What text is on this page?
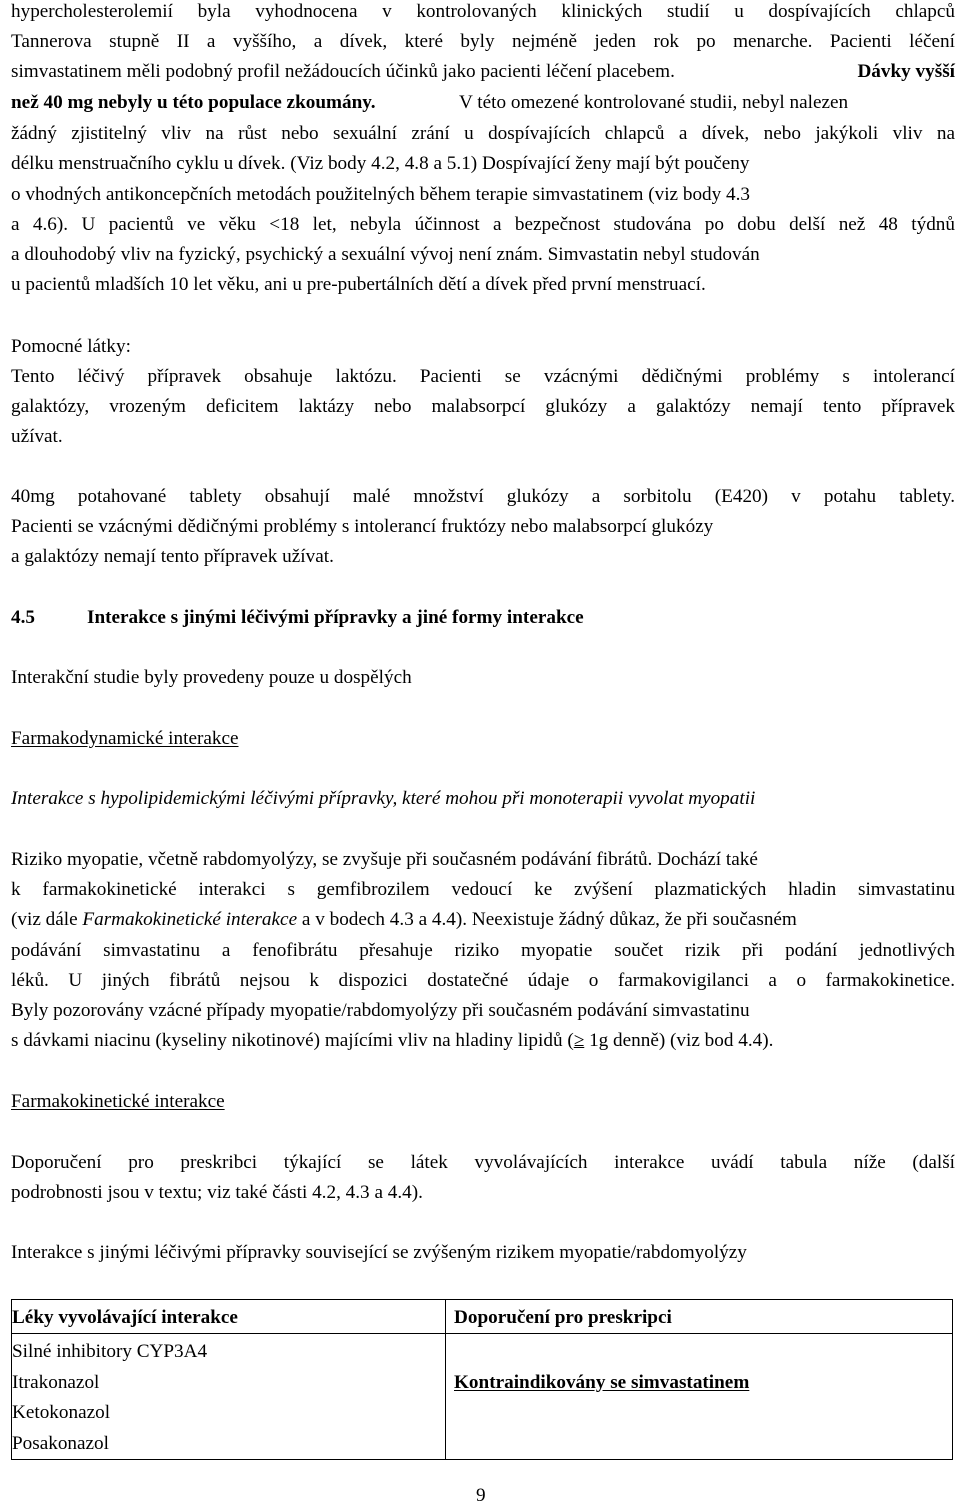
hypercholesterolemií byla vyhodnocena v kontrolovaných klinických studií u dospívajících chlapců
Tannerova stupně II a vyššího, a dívek, které byly nejméně jeden rok po menarche. Pacienti léčení
simvastatinem měli podobný profil nežádoucích účinků jako pacienti léčení placebem.	Dávky vyšší
než 40 mg nebyly u této populace zkoumány.	V této omezené kontrolované studii, nebyl nalezen
žádný zjistitelný vliv na růst nebo sexuální zrání u dospívajících chlapců a dívek, nebo jakýkoli vliv na
délku menstruačního cyklu u dívek. (Viz body 4.2, 4.8 a 5.1) Dospívající ženy mají být poučeny
o vhodných antikoncepčních metodách použitelných během terapie simvastatinem (viz body 4.3
a 4.6). U pacientů ve věku <18 let, nebyla účinnost a bezpečnost studována po dobu delší než 48 týdnů
a dlouhodobý vliv na fyzický, psychický a sexuální vývoj není znám. Simvastatin nebyl studován
u pacientů mladších 10 let věku, ani u pre-pubertálních dětí a dívek před první menstruací.
Pomocné látky:
Tento léčivý přípravek obsahuje laktózu. Pacienti se vzácnými dědičnými problémy s intolerancí
galaktózy, vrozeným deficitem laktázy nebo malabsorpcí glukózy a galaktózy nemají tento přípravek
užívat.
40mg potahované tablety obsahují malé množství glukózy a sorbitolu (E420) v potahu tablety.
Pacienti se vzácnými dědičnými problémy s intolerancí fruktózy nebo malabsorpcí glukózy
a galaktózy nemají tento přípravek užívat.
4.5	Interakce s jinými léčivými přípravky a jiné formy interakce
Interakční studie byly provedeny pouze u dospělých
Farmakodynamické interakce
Interakce s hypolipidemickými léčivými přípravky, které mohou při monoterapii vyvolat myopatii
Riziko myopatie, včetně rabdomyolýzy, se zvyšuje při současném podávání fibrátů. Dochází také
k farmakokinetické interakci s gemfibrozilem vedoucí ke zvýšení plazmatických hladin simvastatinu
(viz dále Farmakokinetické interakce a v bodech 4.3 a 4.4). Neexistuje žádný důkaz, že při současném
podávání simvastatinu a fenofibrátu přesahuje riziko myopatie součet rizik při podání jednotlivých
léků. U jiných fibrátů nejsou k dispozici dostatečné údaje o farmakovigilanci a o farmakokinetice.
Byly pozorovány vzácné případy myopatie/rabdomyolýzy při současném podávání simvastatinu
s dávkami niacinu (kyseliny nikotinové) majícími vliv na hladiny lipidů (≥ 1g denně) (viz bod 4.4).
Farmakokinetické interakce
Doporučení pro preskribci týkající se látek vyvolávajících interakce uvádí tabula níže (další
podrobnosti jsou v textu; viz také části 4.2, 4.3 a 4.4).
Interakce s jinými léčivými přípravky související se zvýšeným rizikem myopatie/rabdomyolýzy
Léky vyvolávající interakce	Doporučení pro preskripci

Silné inhibitory CYP3A4
Itrakonazol
Ketokonazol
Posakonazol	Kontraindikovány se simvastatinem
9
